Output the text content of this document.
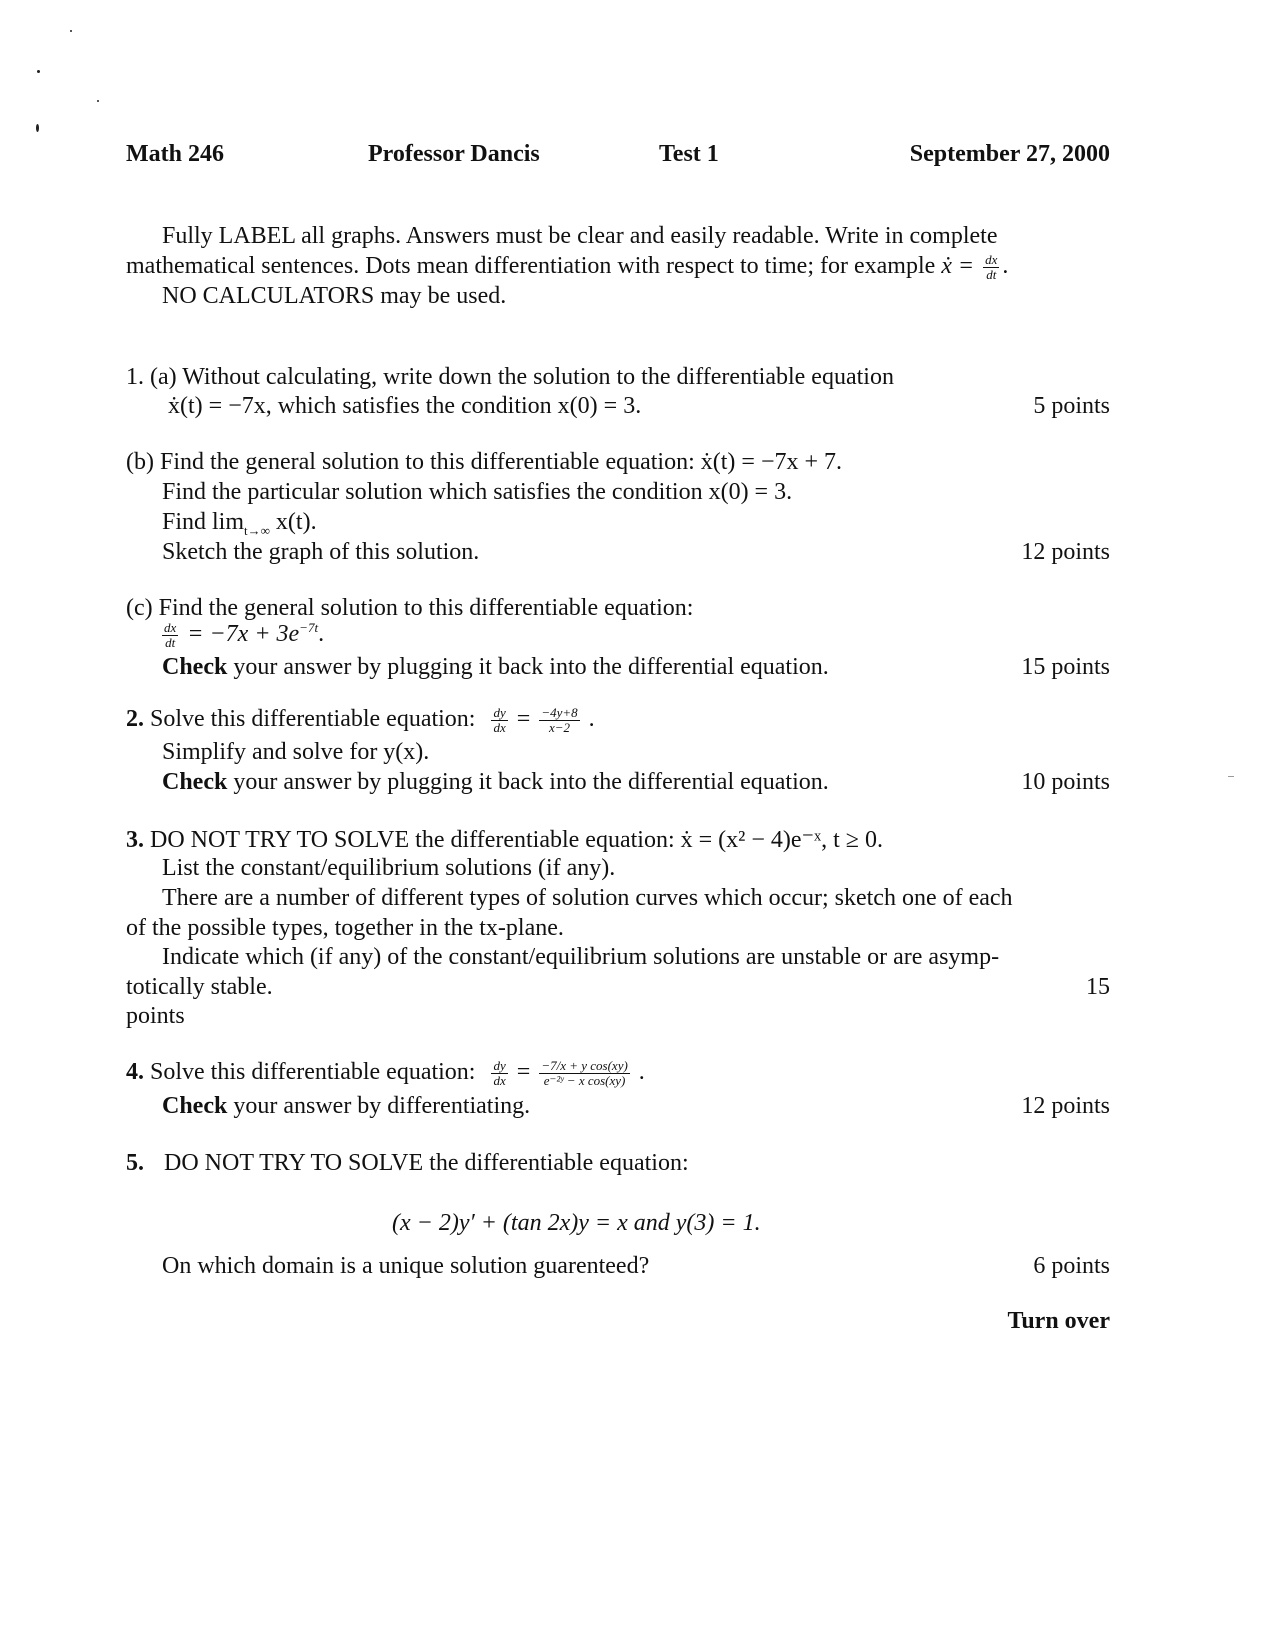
Math 246	Professor Dancis	Test 1	September 27, 2000
Fully LABEL all graphs. Answers must be clear and easily readable. Write in complete
mathematical sentences. Dots mean differentiation with respect to time; for example ẋ = $\frac{dx}{dt}$ .
NO CALCULATORS may be used.
1. (a) Without calculating, write down the solution to the differentiable equation
ẋ(t) = −7x, which satisfies the condition x(0) = 3.	5 points
(b) Find the general solution to this differentiable equation: ẋ(t) = −7x + 7.
Find the particular solution which satisfies the condition x(0) = 3.
Find $\lim_{t\to\infty} x(t)$.
Sketch the graph of this solution.	12 points
(c) Find the general solution to this differentiable equation:
$\frac{dx}{dt} = -7x + 3e^{-7t}$.
Check your answer by plugging it back into the differential equation.	15 points
2. Solve this differentiable equation: $\frac{dy}{dx} = \frac{-4y+8}{x-2}$ .
Simplify and solve for y(x).
Check your answer by plugging it back into the differential equation.	10 points
3. DO NOT TRY TO SOLVE the differentiable equation: ẋ = (x² − 4)e⁻ˣ, t ≥ 0.
List the constant/equilibrium solutions (if any).
There are a number of different types of solution curves which occur; sketch one of each
of the possible types, together in the tx-plane.
Indicate which (if any) of the constant/equilibrium solutions are unstable or are asymp-
totically stable.	15
points
4. Solve this differentiable equation: $\frac{dy}{dx} = \frac{\text{−7/x + y cos(xy)}}{\text{e⁻²ʸ − x cos(xy)}}$ .
Check your answer by differentiating.	12 points
5. DO NOT TRY TO SOLVE the differentiable equation:
(x − 2)y′ + (tan 2x)y = x and y(3) = 1.
On which domain is a unique solution guarenteed?	6 points
Turn over
